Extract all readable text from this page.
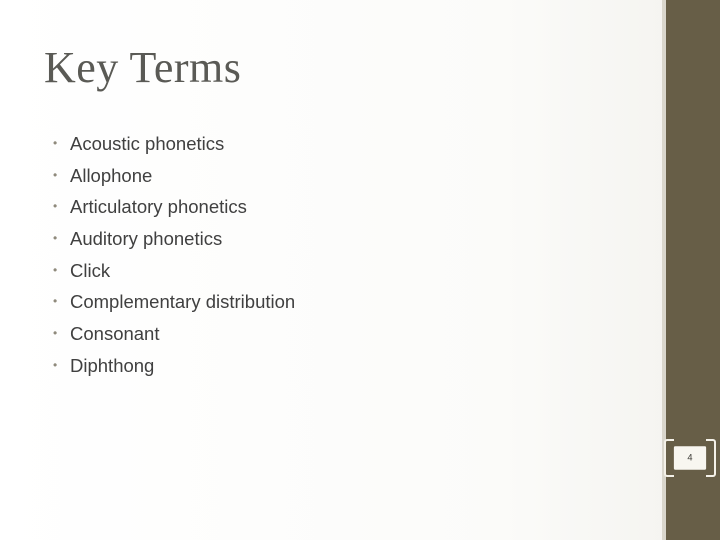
Key Terms
• Acoustic phonetics
• Allophone
• Articulatory phonetics
• Auditory phonetics
• Click
• Complementary distribution
• Consonant
• Diphthong
4
